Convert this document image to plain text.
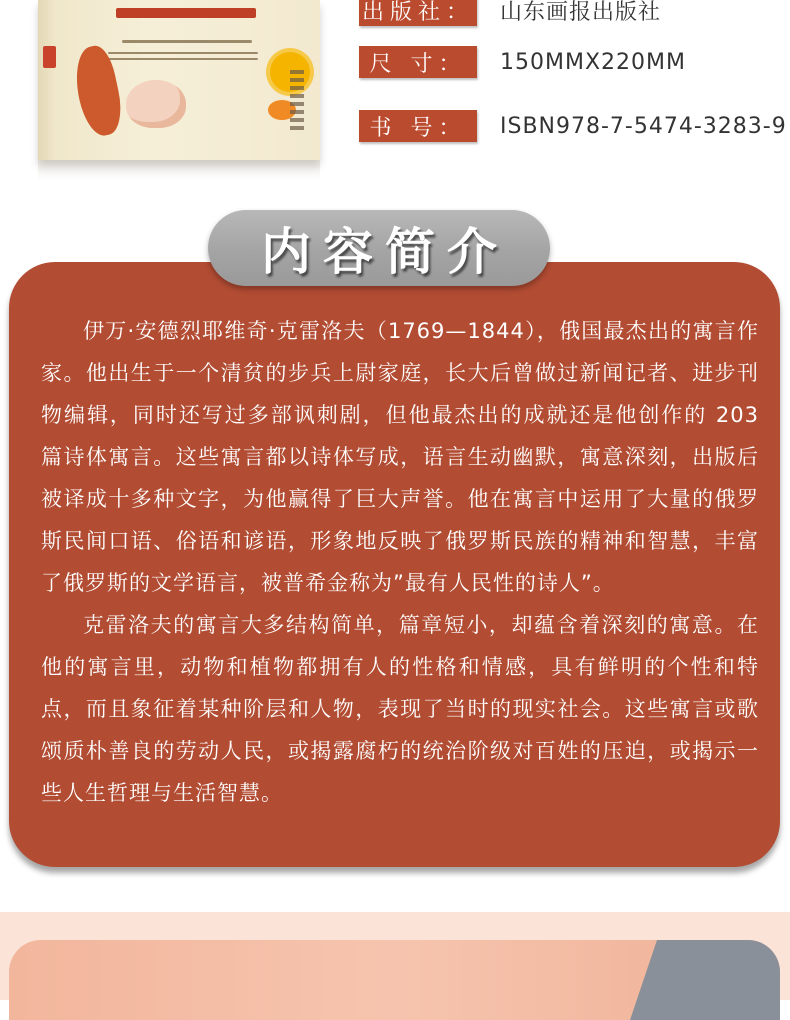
出版社： 山东画报出版社
尺 寸：	150MMX220MM
书 号：	ISBN978-7-5474-3283-9
内容简介

伊万·安德烈耶维奇·克雷洛夫（1769—1844），俄国最杰出的寓言作家。他出生于一个清贫的步兵上尉家庭，长大后曾做过新闻记者、进步刊物编辑，同时还写过多部讽刺剧，但他最杰出的成就还是他创作的 203 篇诗体寓言。这些寓言都以诗体写成，语言生动幽默，寓意深刻，出版后被译成十多种文字，为他赢得了巨大声誉。他在寓言中运用了大量的俄罗斯民间口语、俗语和谚语，形象地反映了俄罗斯民族的精神和智慧，丰富了俄罗斯的文学语言，被普希金称为”最有人民性的诗人”。

克雷洛夫的寓言大多结构简单，篇章短小，却蕴含着深刻的寓意。在他的寓言里，动物和植物都拥有人的性格和情感，具有鲜明的个性和特点，而且象征着某种阶层和人物，表现了当时的现实社会。这些寓言或歌颂质朴善良的劳动人民，或揭露腐朽的统治阶级对百姓的压迫，或揭示一些人生哲理与生活智慧。
